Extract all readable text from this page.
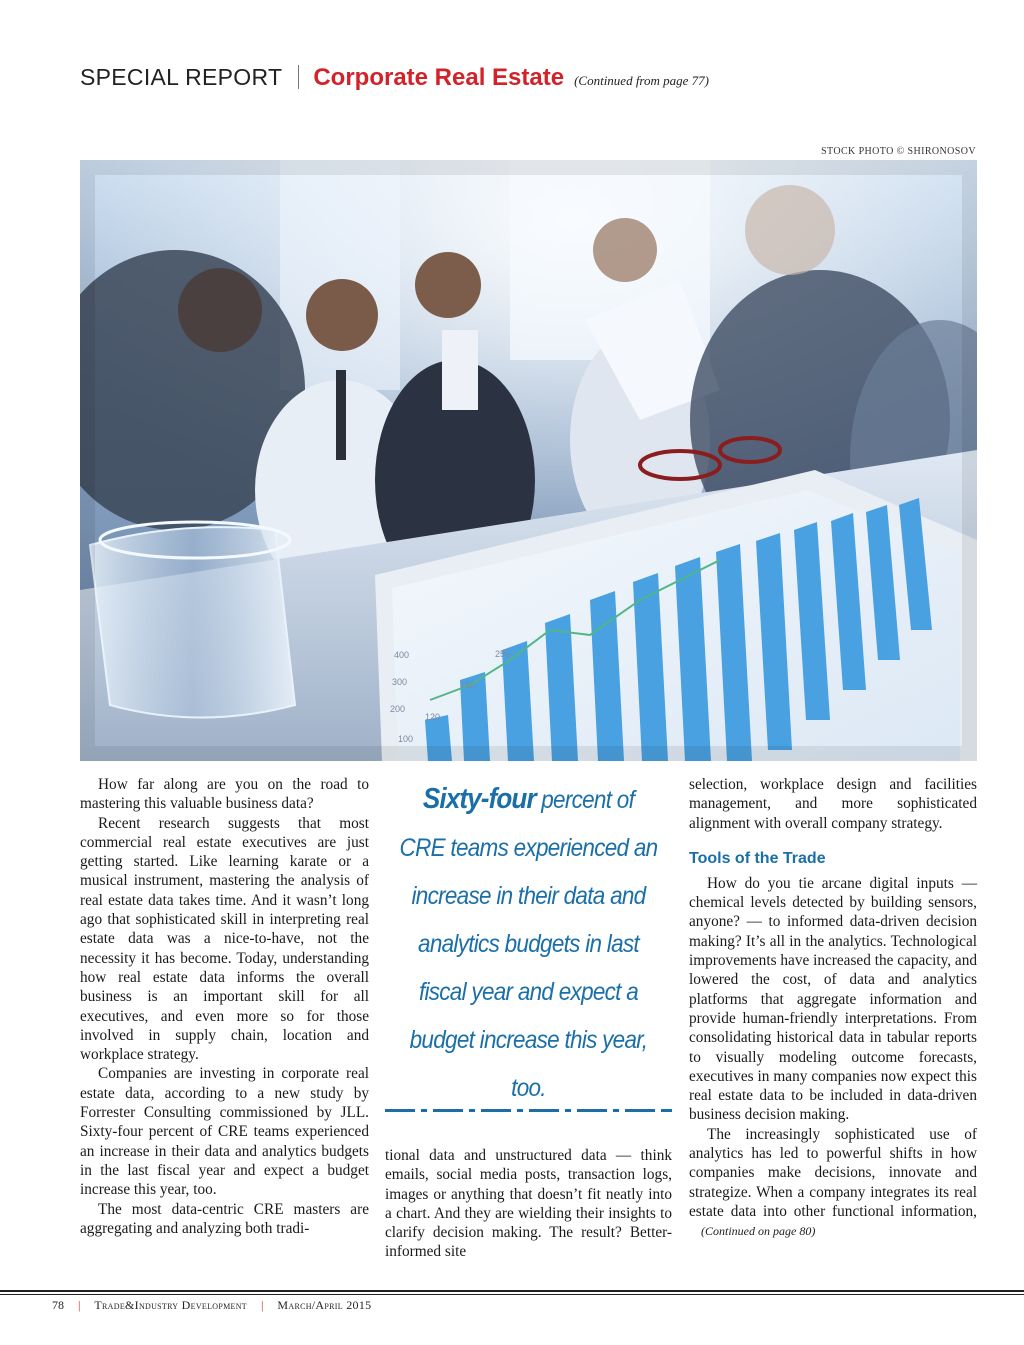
SPECIAL REPORT Corporate Real Estate (Continued from page 77)
STOCK PHOTO © SHIRONOSOV
100
120
160
200
250
300
400

How far along are you on the road to mastering this valuable business data?

Recent research suggests that most commercial real estate executives are just getting started. Like learning karate or a musical instrument, mastering the analysis of real estate data takes time. And it wasn’t long ago that sophisticated skill in interpreting real estate data was a nice-to-have, not the necessity it has become. Today, understanding how real estate data informs the overall business is an important skill for all executives, and even more so for those involved in supply chain, location and workplace strategy.

Companies are investing in corporate real estate data, according to a new study by Forrester Consulting commissioned by JLL. Sixty-four percent of CRE teams experienced an increase in their data and analytics budgets in the last fiscal year and expect a budget increase this year, too.

The most data-centric CRE masters are aggregating and analyzing both tradi-

Sixty-four percent of CRE teams experienced an increase in their data and analytics budgets in last fiscal year and expect a budget increase this year, too.

tional data and unstructured data — think emails, social media posts, transaction logs, images or anything that doesn’t fit neatly into a chart. And they are wielding their insights to clarify decision making. The result? Better-informed site

selection, workplace design and facilities management, and more sophisticated alignment with overall company strategy.

Tools of the Trade

How do you tie arcane digital inputs — chemical levels detected by building sensors, anyone? — to informed data-driven decision making? It’s all in the analytics. Technological improvements have increased the capacity, and lowered the cost, of data and analytics platforms that aggregate information and provide human-friendly interpretations. From consolidating historical data in tabular reports to visually modeling outcome forecasts, executives in many companies now expect this real estate data to be included in data-driven business decision making.

The increasingly sophisticated use of analytics has led to powerful shifts in how companies make decisions, innovate and strategize. When a company integrates its real estate data into other functional information,(Continued on page 80)

78 | Trade&Industry Development | March/April 2015
